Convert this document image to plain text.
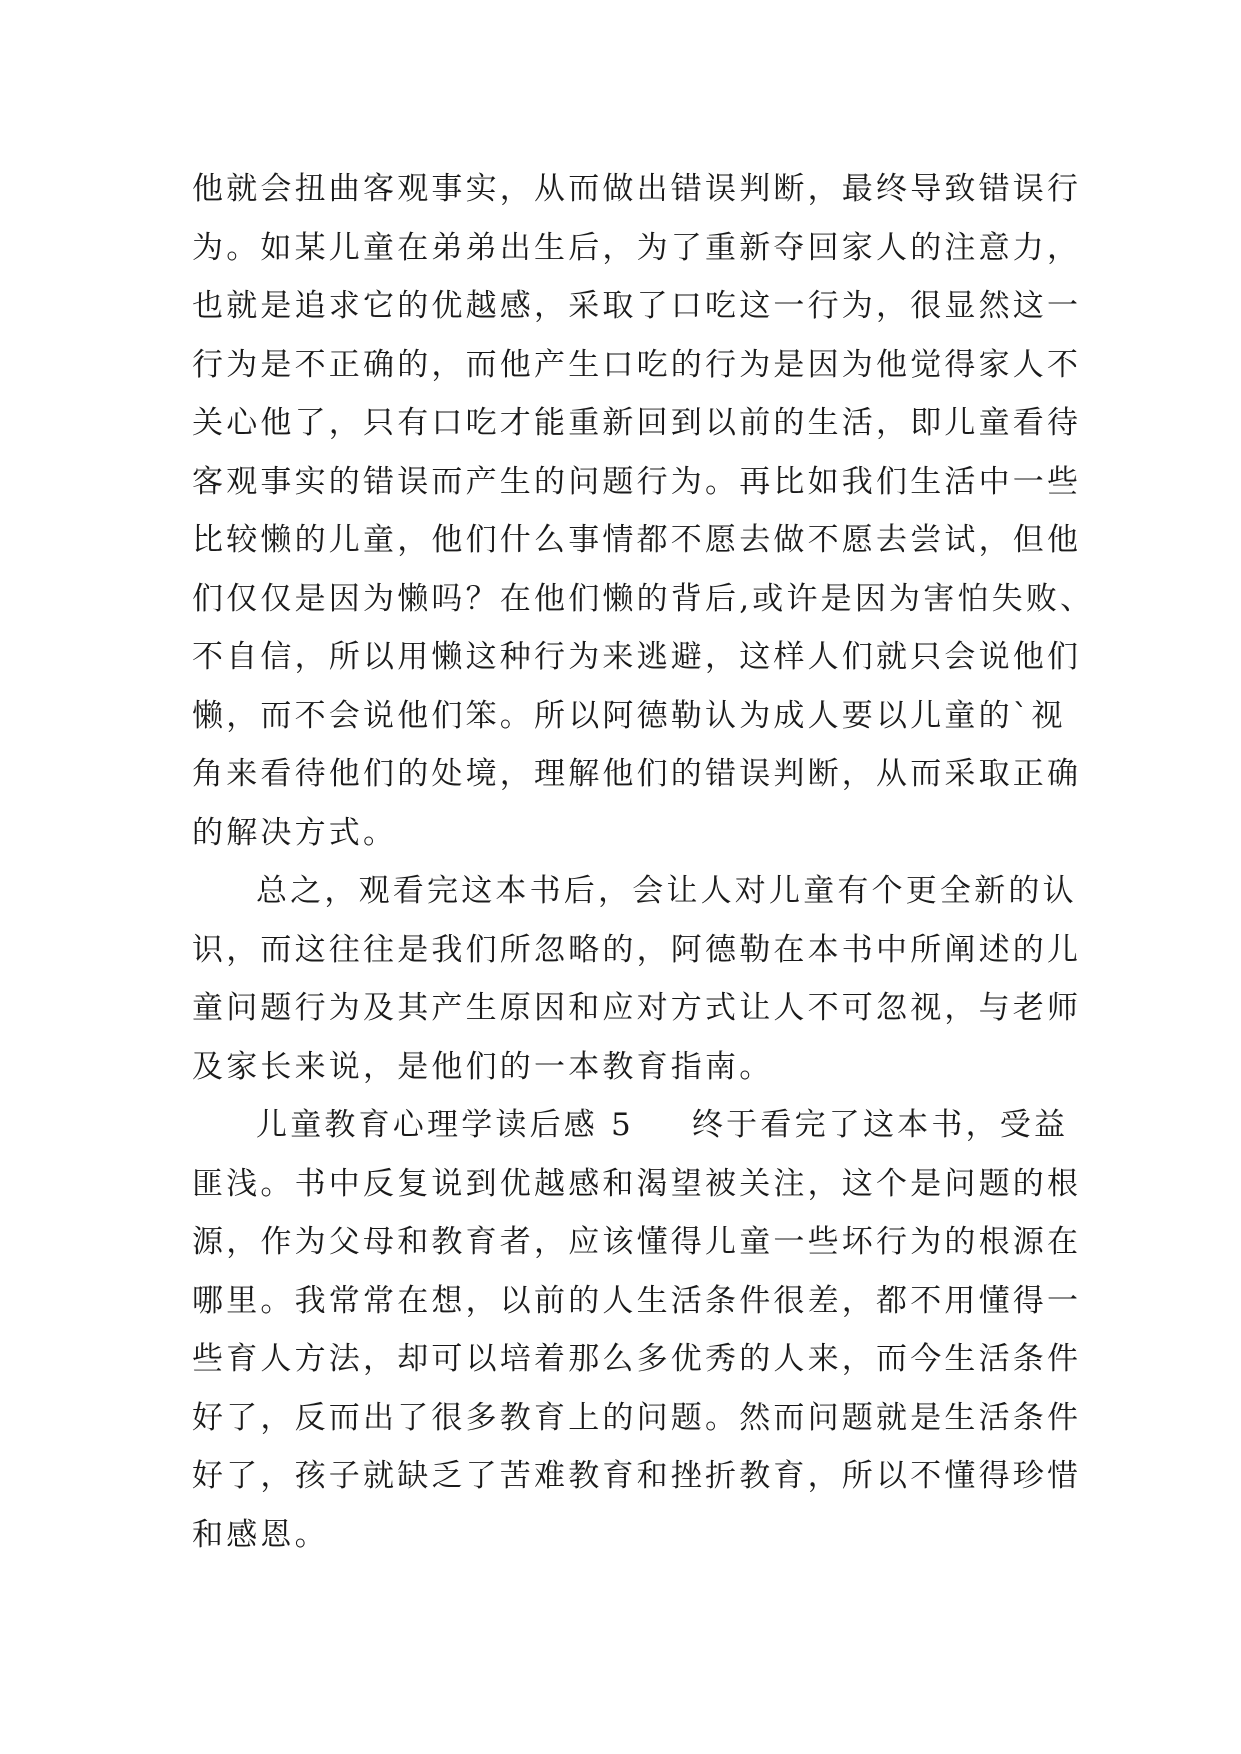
他就会扭曲客观事实，从而做出错误判断，最终导致错误行
为。如某儿童在弟弟出生后，为了重新夺回家人的注意力，
也就是追求它的优越感，采取了口吃这一行为，很显然这一
行为是不正确的，而他产生口吃的行为是因为他觉得家人不
关心他了，只有口吃才能重新回到以前的生活，即儿童看待
客观事实的错误而产生的问题行为。再比如我们生活中一些
比较懒的儿童，他们什么事情都不愿去做不愿去尝试，但他
们仅仅是因为懒吗？在他们懒的背后,或许是因为害怕失败、
不自信，所以用懒这种行为来逃避，这样人们就只会说他们
懒，而不会说他们笨。所以阿德勒认为成人要以儿童的`视
角来看待他们的处境，理解他们的错误判断，从而采取正确
的解决方式。
总之，观看完这本书后，会让人对儿童有个更全新的认
识，而这往往是我们所忽略的，阿德勒在本书中所阐述的儿
童问题行为及其产生原因和应对方式让人不可忽视，与老师
及家长来说，是他们的一本教育指南。
儿童教育心理学读后感 5 终于看完了这本书，受益
匪浅。书中反复说到优越感和渴望被关注，这个是问题的根
源，作为父母和教育者，应该懂得儿童一些坏行为的根源在
哪里。我常常在想，以前的人生活条件很差，都不用懂得一
些育人方法，却可以培着那么多优秀的人来，而今生活条件
好了，反而出了很多教育上的问题。然而问题就是生活条件
好了，孩子就缺乏了苦难教育和挫折教育，所以不懂得珍惜
和感恩。
